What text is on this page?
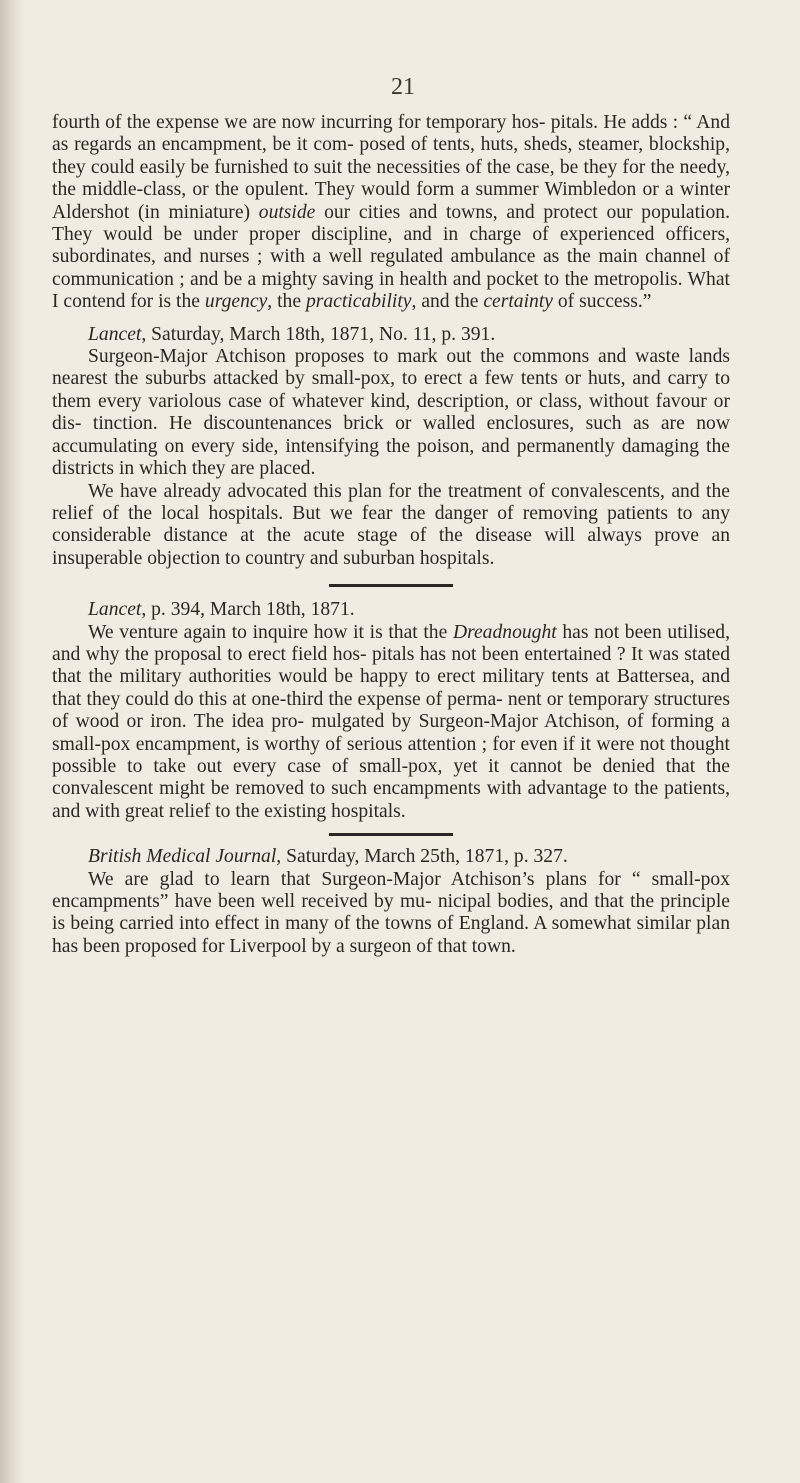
21

fourth of the expense we are now incurring for temporary hos- pitals. He adds : “ And as regards an encampment, be it com- posed of tents, huts, sheds, steamer, blockship, they could easily be furnished to suit the necessities of the case, be they for the needy, the middle-class, or the opulent. They would form a summer Wimbledon or a winter Aldershot (in miniature) outside our cities and towns, and protect our population. They would be under proper discipline, and in charge of experienced officers, subordinates, and nurses ; with a well regulated ambulance as the main channel of communication ; and be a mighty saving in health and pocket to the metropolis. What I contend for is the urgency, the practicability, and the certainty of success.”

Lancet, Saturday, March 18th, 1871, No. 11, p. 391.

Surgeon-Major Atchison proposes to mark out the commons and waste lands nearest the suburbs attacked by small-pox, to erect a few tents or huts, and carry to them every variolous case of whatever kind, description, or class, without favour or dis- tinction. He discountenances brick or walled enclosures, such as are now accumulating on every side, intensifying the poison, and permanently damaging the districts in which they are placed.

We have already advocated this plan for the treatment of convalescents, and the relief of the local hospitals. But we fear the danger of removing patients to any considerable distance at the acute stage of the disease will always prove an insuperable objection to country and suburban hospitals.

Lancet, p. 394, March 18th, 1871.

We venture again to inquire how it is that the Dreadnought has not been utilised, and why the proposal to erect field hos- pitals has not been entertained ? It was stated that the military authorities would be happy to erect military tents at Battersea, and that they could do this at one-third the expense of perma- nent or temporary structures of wood or iron. The idea pro- mulgated by Surgeon-Major Atchison, of forming a small-pox encampment, is worthy of serious attention ; for even if it were not thought possible to take out every case of small-pox, yet it cannot be denied that the convalescent might be removed to such encampments with advantage to the patients, and with great relief to the existing hospitals.

British Medical Journal, Saturday, March 25th, 1871, p. 327.

We are glad to learn that Surgeon-Major Atchison’s plans for “ small-pox encampments” have been well received by mu- nicipal bodies, and that the principle is being carried into effect in many of the towns of England. A somewhat similar plan has been proposed for Liverpool by a surgeon of that town.
